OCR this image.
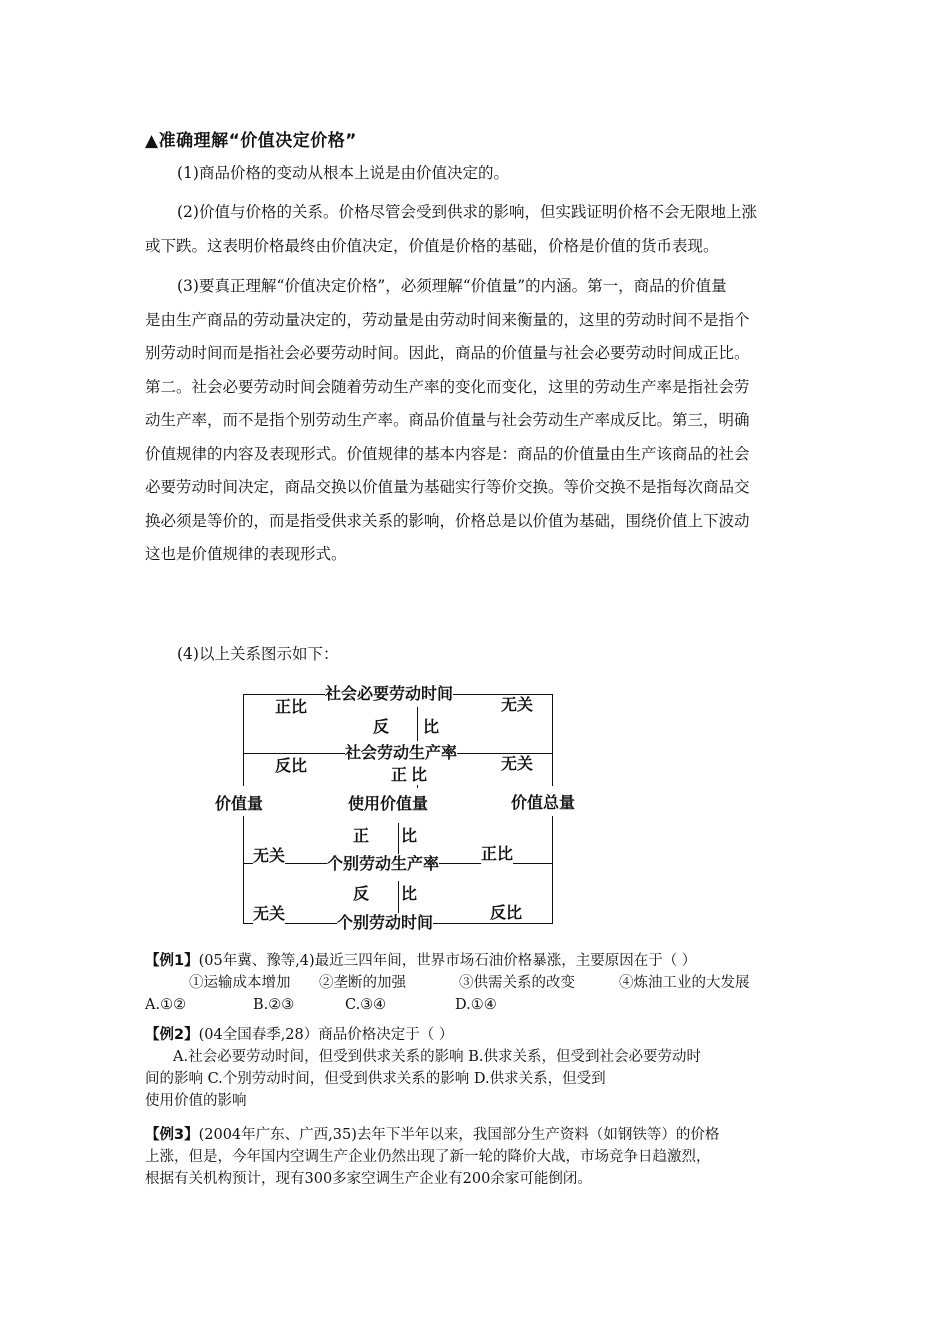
▲准确理解“价值决定价格”
(1)商品价格的变动从根本上说是由价值决定的。
(2)价值与价格的关系。价格尽管会受到供求的影响，但实践证明价格不会无限地上涨
或下跌。这表明价格最终由价值决定，价值是价格的基础，价格是价值的货币表现。
(3)要真正理解“价值决定价格”，必须理解“价值量”的内涵。第一，商品的价值量
是由生产商品的劳动量决定的，劳动量是由劳动时间来衡量的，这里的劳动时间不是指个
别劳动时间而是指社会必要劳动时间。因此，商品的价值量与社会必要劳动时间成正比。
第二。社会必要劳动时间会随着劳动生产率的变化而变化，这里的劳动生产率是指社会劳
动生产率，而不是指个别劳动生产率。商品价值量与社会劳动生产率成反比。第三，明确
价值规律的内容及表现形式。价值规律的基本内容是：商品的价值量由生产该商品的社会
必要劳动时间决定，商品交换以价值量为基础实行等价交换。等价交换不是指每次商品交
换必须是等价的，而是指受供求关系的影响，价格总是以价值为基础，围绕价值上下波动
这也是价值规律的表现形式。
(4)以上关系图示如下：
社会必要劳动时间
正比	无关
反 比
社会劳动生产率
反比	无关
正 比
价值量	使用价值量	价值总量
正 比
无关	个别劳动生产率
正比
反 比
无关	个别劳动时间
反比
【例1】(05年冀、豫等,4)最近三四年间，世界市场石油价格暴涨，主要原因在于（ ）
①运输成本增加 ②垄断的加强	③供需关系的改变	④炼油工业的大发展
A.①②	B.②③	C.③④	D.①④
【例2】(04全国春季,28）商品价格决定于（ ）
A.社会必要劳动时间，但受到供求关系的影响 B.供求关系，但受到社会必要劳动时
间的影响 C.个别劳动时间，但受到供求关系的影响 D.供求关系，但受到
使用价值的影响
【例3】(2004年广东、广西,35)去年下半年以来，我国部分生产资料（如钢铁等）的价格
上涨，但是，今年国内空调生产企业仍然出现了新一轮的降价大战，市场竞争日趋激烈，
根据有关机构预计，现有300多家空调生产企业有200余家可能倒闭。
